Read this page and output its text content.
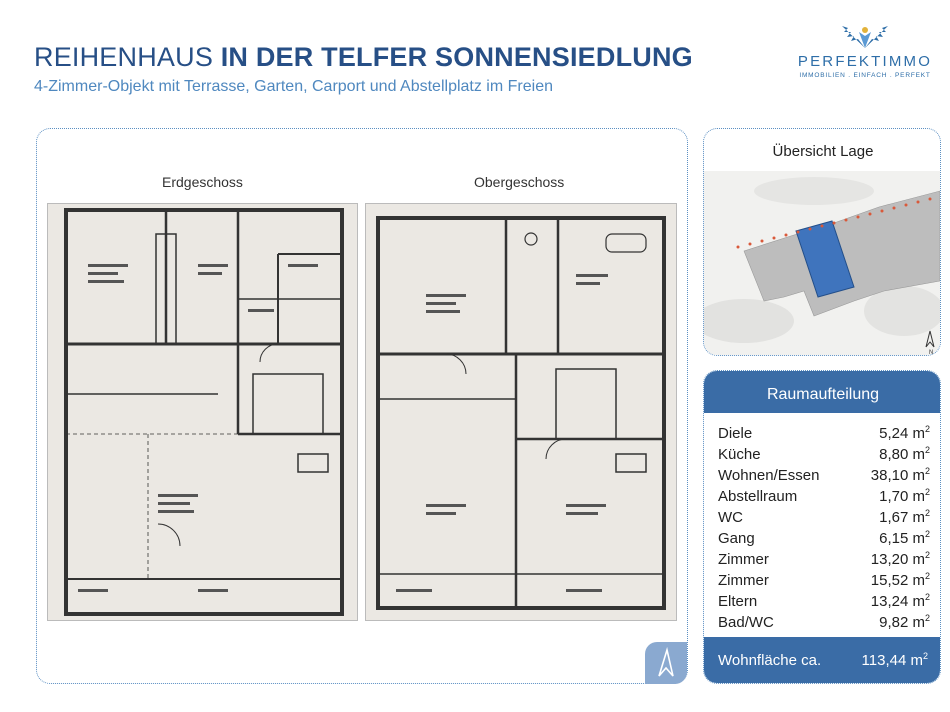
REIHENHAUS IN DER TELFER SONNENSIEDLUNG
4-Zimmer-Objekt mit Terrasse, Garten, Carport und Abstellplatz im Freien
PERFEKTIMMO
IMMOBILIEN . EINFACH . PERFEKT
Erdgeschoss	Obergeschoss
Übersicht Lage
N
Raumaufteilung
Diele	5,24 $m^2$
Küche	8,80 $m^2$
Wohnen/Essen	38,10 $m^2$
Abstellraum	1,70 $m^2$
WC	1,67 $m^2$
Gang	6,15 $m^2$
Zimmer	13,20 $m^2$
Zimmer	15,52 $m^2$
Eltern	13,24 $m^2$
Bad/WC	9,82 $m^2$
Wohnfläche ca.	113,44 $m^2$
